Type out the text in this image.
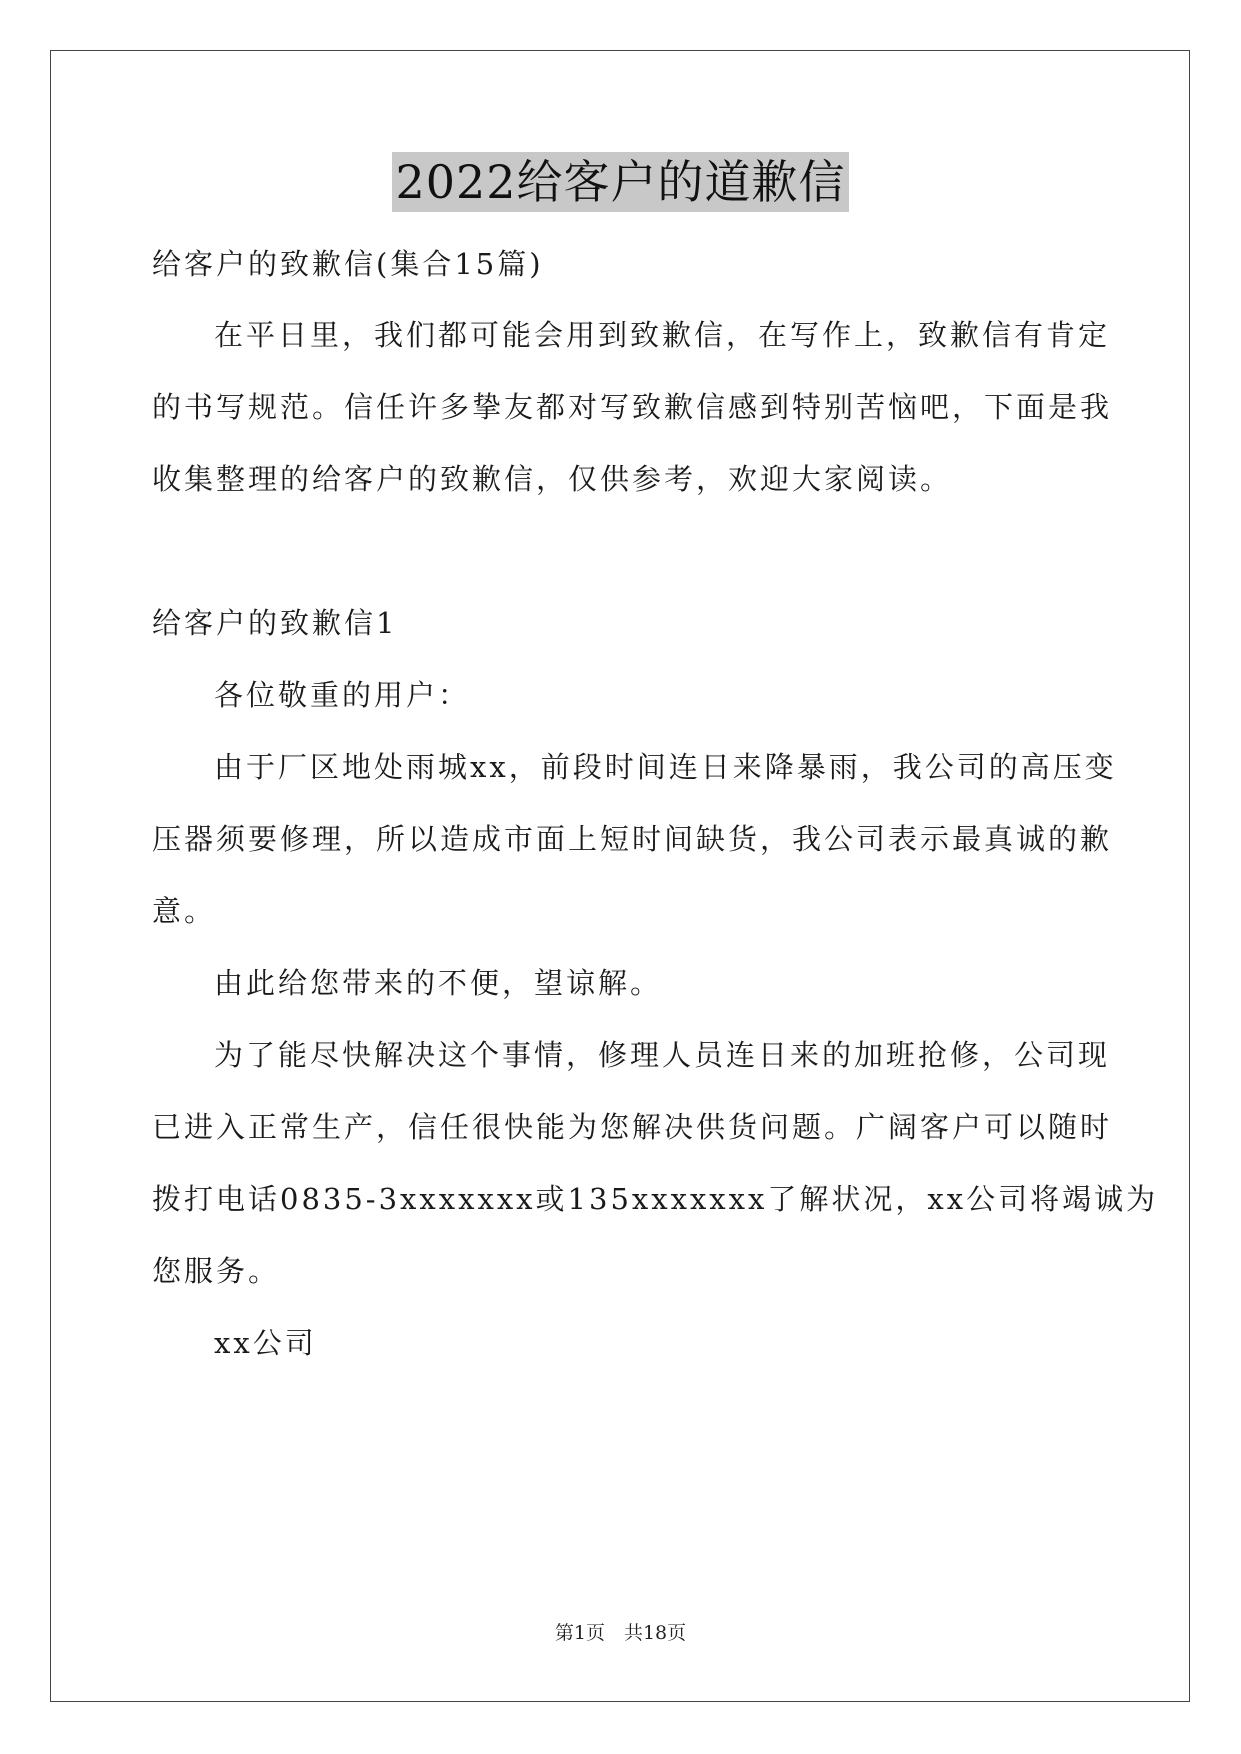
2022给客户的道歉信
给客户的致歉信(集合15篇)
在平日里，我们都可能会用到致歉信，在写作上，致歉信有肯定
的书写规范。信任许多挚友都对写致歉信感到特别苦恼吧，下面是我
收集整理的给客户的致歉信，仅供参考，欢迎大家阅读。
给客户的致歉信1
各位敬重的用户：
由于厂区地处雨城xx，前段时间连日来降暴雨，我公司的高压变
压器须要修理，所以造成市面上短时间缺货，我公司表示最真诚的歉
意。
由此给您带来的不便，望谅解。
为了能尽快解决这个事情，修理人员连日来的加班抢修，公司现
已进入正常生产，信任很快能为您解决供货问题。广阔客户可以随时
拨打电话0835-3xxxxxxx或135xxxxxxx了解状况，xx公司将竭诚为
您服务。
xx公司
第1页　共18页
